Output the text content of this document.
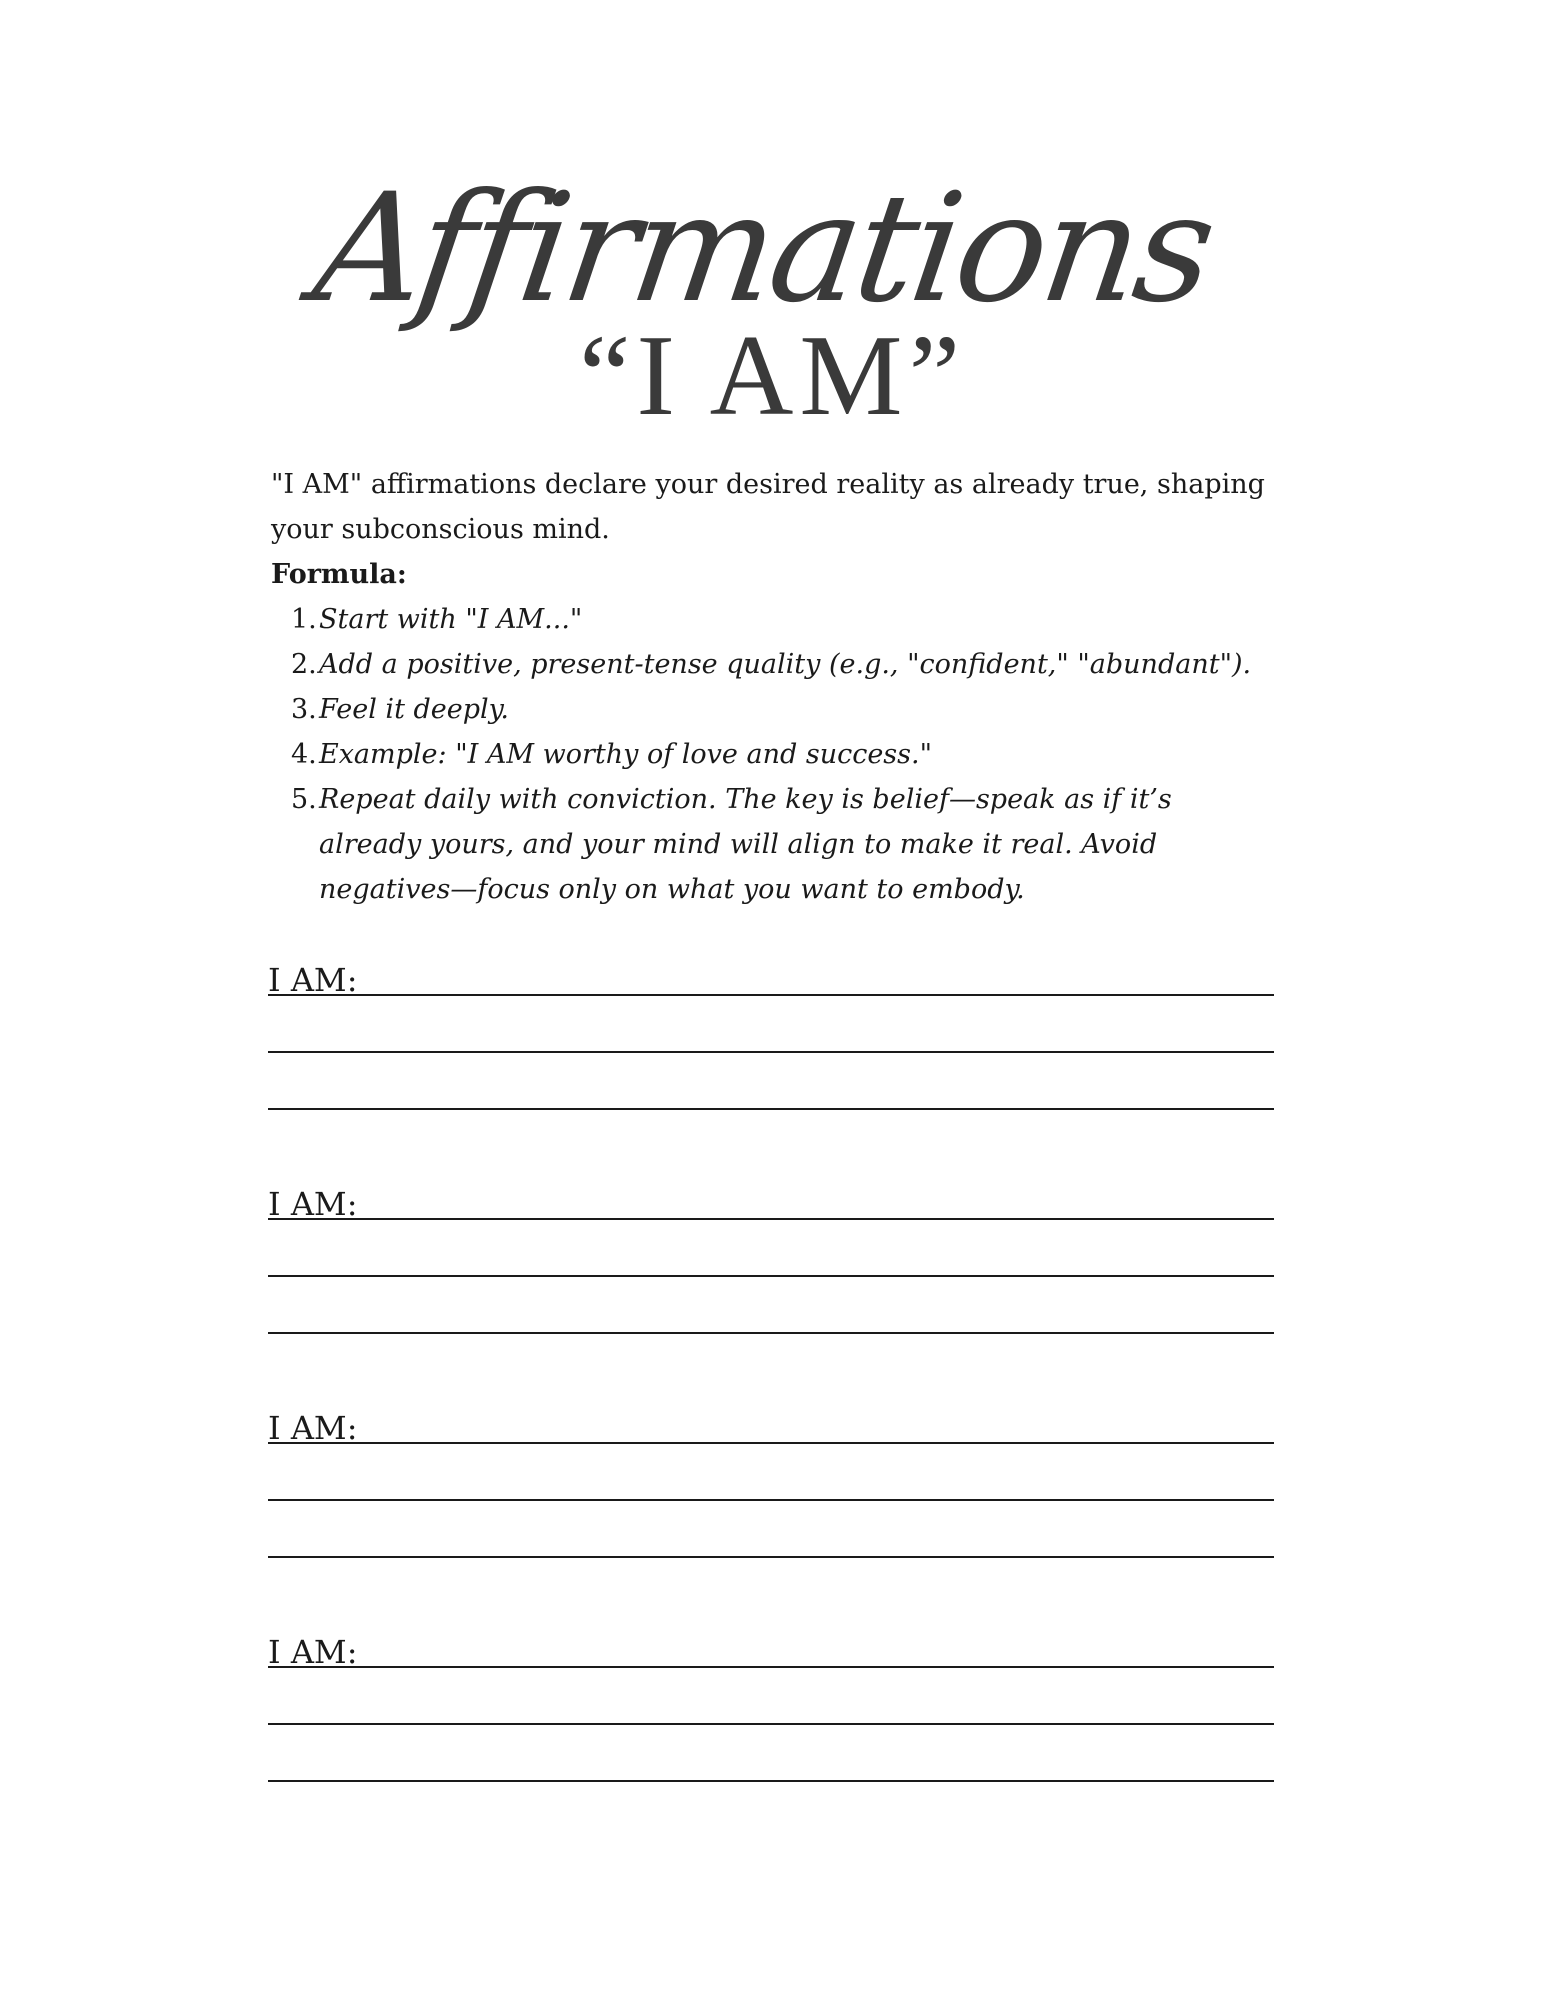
Affirmations
“I AM”

"I AM" affirmations declare your desired reality as already true, shaping your subconscious mind.

Formula:

1. Start with "I AM..."
2. Add a positive, present-tense quality (e.g., "confident," "abundant").
3. Feel it deeply.
4. Example: "I AM worthy of love and success."
5. Repeat daily with conviction. The key is belief—speak as if it’s already yours, and your mind will align to make it real. Avoid negatives—focus only on what you want to embody.
I AM:
I AM:
I AM:
I AM:
